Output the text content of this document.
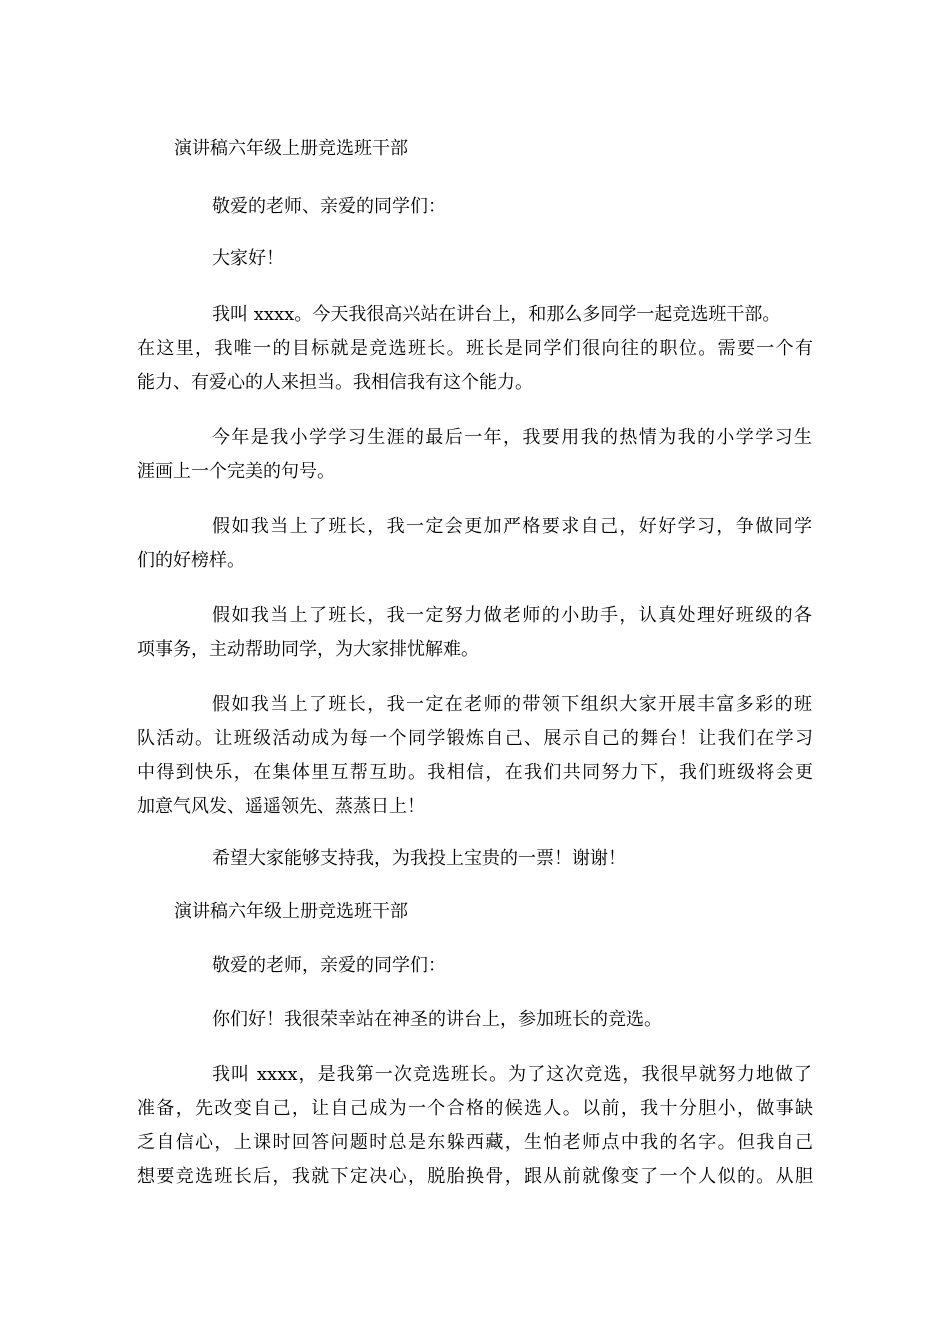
演讲稿六年级上册竞选班干部
敬爱的老师、亲爱的同学们：
大家好！
我叫 xxxx。今天我很高兴站在讲台上，和那么多同学一起竞选班干部。
在这里，我唯一的目标就是竞选班长。班长是同学们很向往的职位。需要一个有
能力、有爱心的人来担当。我相信我有这个能力。
今年是我小学学习生涯的最后一年，我要用我的热情为我的小学学习生
涯画上一个完美的句号。
假如我当上了班长，我一定会更加严格要求自己，好好学习，争做同学
们的好榜样。
假如我当上了班长，我一定努力做老师的小助手，认真处理好班级的各
项事务，主动帮助同学，为大家排忧解难。
假如我当上了班长，我一定在老师的带领下组织大家开展丰富多彩的班
队活动。让班级活动成为每一个同学锻炼自己、展示自己的舞台！让我们在学习
中得到快乐，在集体里互帮互助。我相信，在我们共同努力下，我们班级将会更
加意气风发、遥遥领先、蒸蒸日上！
希望大家能够支持我，为我投上宝贵的一票！谢谢！
演讲稿六年级上册竞选班干部
敬爱的老师，亲爱的同学们：
你们好！我很荣幸站在神圣的讲台上，参加班长的竞选。
我叫 xxxx，是我第一次竞选班长。为了这次竞选，我很早就努力地做了
准备，先改变自己，让自己成为一个合格的候选人。以前，我十分胆小，做事缺
乏自信心，上课时回答问题时总是东躲西藏，生怕老师点中我的名字。但我自己
想要竞选班长后，我就下定决心，脱胎换骨，跟从前就像变了一个人似的。从胆
